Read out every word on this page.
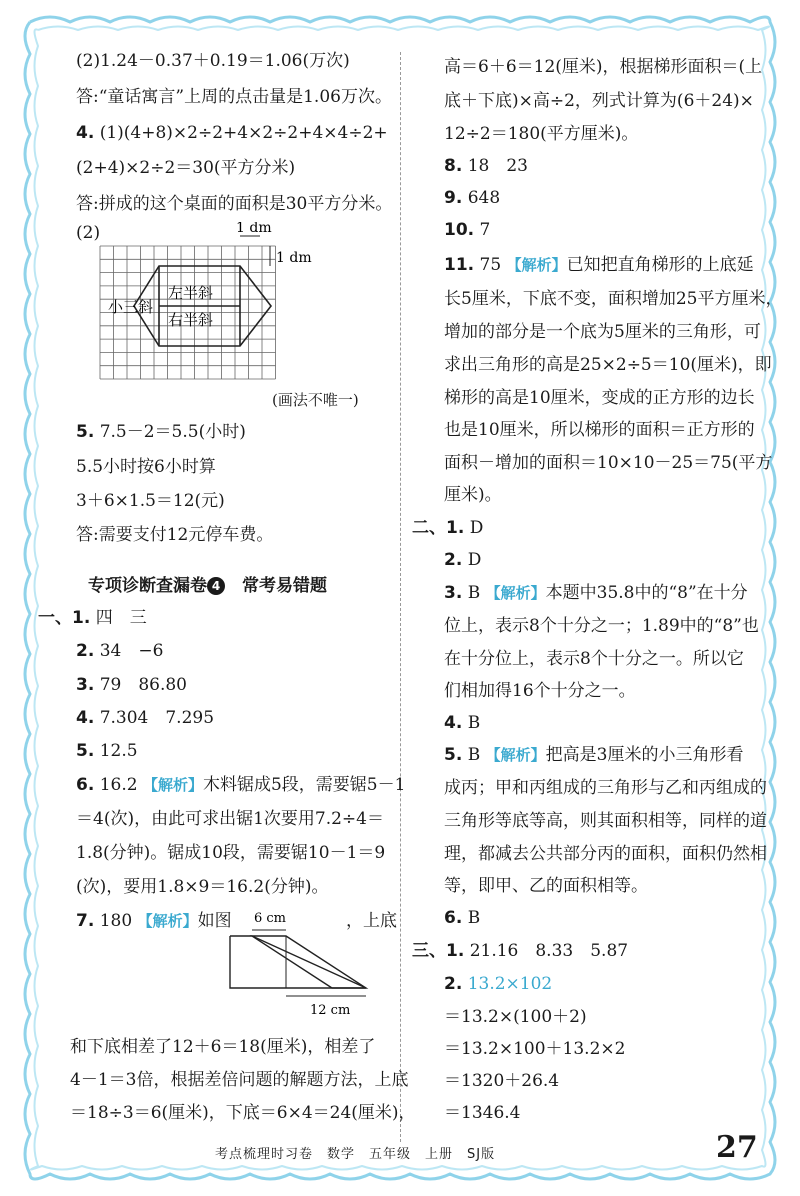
(2)1.24－0.37＋0.19＝1.06(万次)
答:“童话寓言”上周的点击量是1.06万次。
4. (1)(4+8)×2÷2+4×2÷2+4×4÷2+
(2+4)×2÷2＝30(平方分米)
答:拼成的这个桌面的面积是30平方分米。
(2)	1 dm
1 dm
小三斜
左半斜
右半斜
(画法不唯一)
5. 7.5－2＝5.5(小时)
5.5小时按6小时算
3＋6×1.5＝12(元)
答:需要支付12元停车费。
专项诊断查漏卷 4　 常考易错题
一、1. 四　三
2. 34　−6
3. 79　86.80
4. 7.304　7.295
5. 12.5
6. 16.2 【解析】木料锯成5段，需要锯5－1
＝4(次)，由此可求出锯1次要用7.2÷4＝
1.8(分钟)。锯成10段，需要锯10－1＝9
(次)，要用1.8×9＝16.2(分钟)。
7. 180 【解析】如图	，上底
6 cm
12 cm
和下底相差了12＋6＝18(厘米)，相差了
4－1＝3倍，根据差倍问题的解题方法，上底
＝18÷3＝6(厘米)，下底＝6×4＝24(厘米)，
高＝6＋6＝12(厘米)，根据梯形面积＝(上
底＋下底)×高÷2，列式计算为(6＋24)×
12÷2＝180(平方厘米)。
8. 18　23
9. 648
10. 7
11. 75 【解析】已知把直角梯形的上底延
长5厘米，下底不变，面积增加25平方厘米，
增加的部分是一个底为5厘米的三角形，可
求出三角形的高是25×2÷5＝10(厘米)，即
梯形的高是10厘米，变成的正方形的边长
也是10厘米，所以梯形的面积＝正方形的
面积－增加的面积＝10×10－25＝75(平方
厘米)。
二、1. D
2. D
3. B 【解析】本题中35.8中的“8”在十分
位上，表示8个十分之一；1.89中的“8”也
在十分位上，表示8个十分之一。所以它
们相加得16个十分之一。
4. B
5. B 【解析】把高是3厘米的小三角形看
成丙；甲和丙组成的三角形与乙和丙组成的
三角形等底等高，则其面积相等，同样的道
理，都减去公共部分丙的面积，面积仍然相
等，即甲、乙的面积相等。
6. B
三、1. 21.16　8.33　5.87
2. 13.2×102
＝13.2×(100＋2)
＝13.2×100＋13.2×2
＝1320＋26.4
＝1346.4
考点梳理时习卷　数学　五年级　上册　SJ版	27
